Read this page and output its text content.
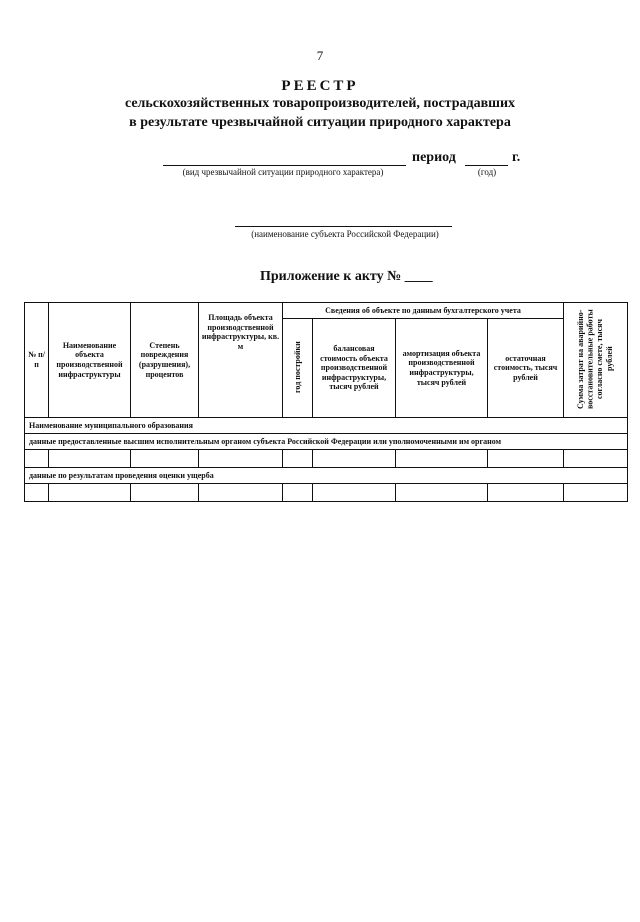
7
РЕЕСТР
сельскохозяйственных товаропроизводителей, пострадавших
в результате чрезвычайной ситуации природного характера
период	г.
(вид чрезвычайной ситуации природного характера)	(год)
(наименование субъекта Российской Федерации)
Приложение к акту № ____
№ п/п	Наименование объекта производственной инфраструктуры	Степень повреждения (разрушения), процентов	Площадь объекта производственной инфраструктуры, кв. м	Сведения об объекте по данным бухгалтерского учета				Сумма затрат на аварийно-восстановительные работы согласно смете, тысяч рублей
				год постройки	балансовая стоимость объекта производственной инфраструктуры, тысяч рублей	амортизация объекта производственной инфраструктуры, тысяч рублей	остаточная стоимость, тысяч рублей	
Наименование муниципального образования								
данные предоставленные высшим исполнительным органом субъекта Российской Федерации или уполномоченными им органом								

данные по результатам проведения оценки ущерба								
